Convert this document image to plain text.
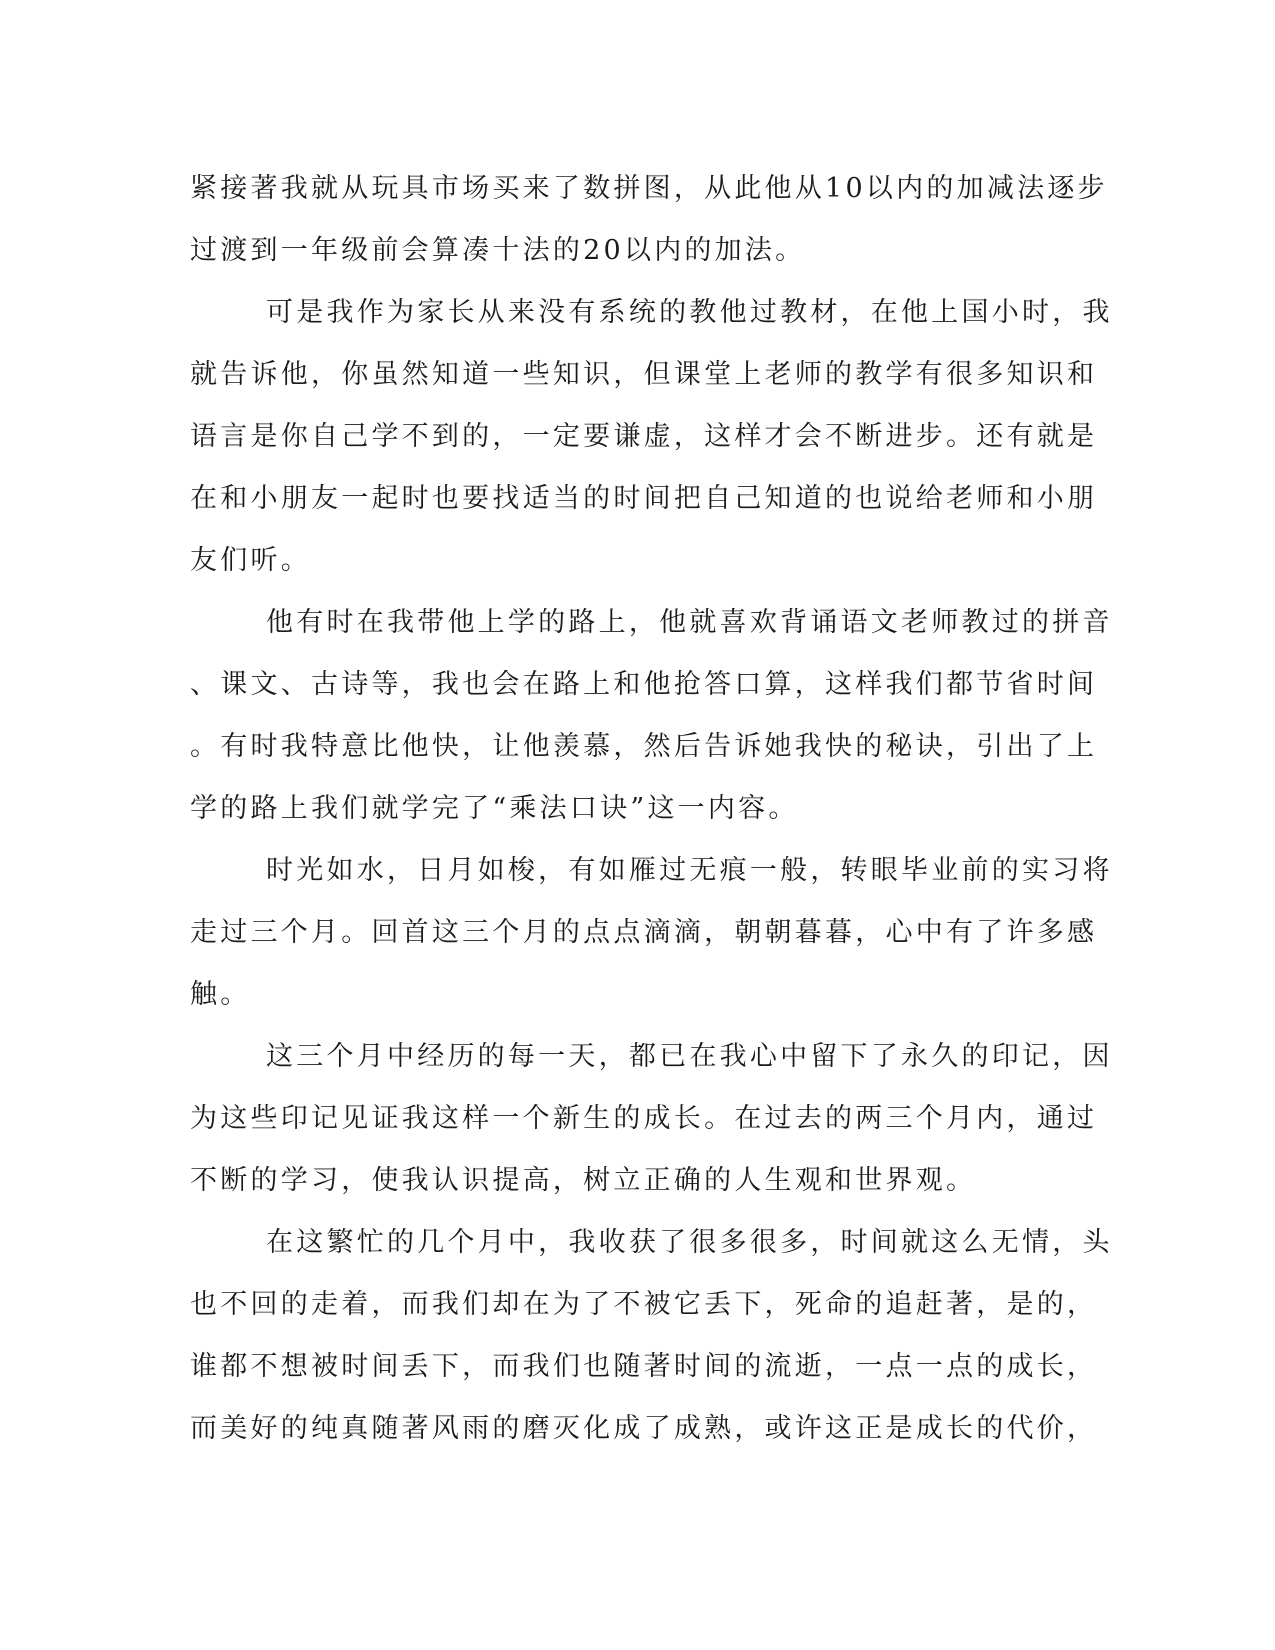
紧接著我就从玩具市场买来了数拼图，从此他从10以内的加减法逐步
过渡到一年级前会算凑十法的20以内的加法。
可是我作为家长从来没有系统的教他过教材，在他上国小时，我
就告诉他，你虽然知道一些知识，但课堂上老师的教学有很多知识和
语言是你自己学不到的，一定要谦虚，这样才会不断进步。还有就是
在和小朋友一起时也要找适当的时间把自己知道的也说给老师和小朋
友们听。
他有时在我带他上学的路上，他就喜欢背诵语文老师教过的拼音
、课文、古诗等，我也会在路上和他抢答口算，这样我们都节省时间
。有时我特意比他快，让他羡慕，然后告诉她我快的秘诀，引出了上
学的路上我们就学完了“乘法口诀”这一内容。
时光如水，日月如梭，有如雁过无痕一般，转眼毕业前的实习将
走过三个月。回首这三个月的点点滴滴，朝朝暮暮，心中有了许多感
触。
这三个月中经历的每一天，都已在我心中留下了永久的印记，因
为这些印记见证我这样一个新生的成长。在过去的两三个月内，通过
不断的学习，使我认识提高，树立正确的人生观和世界观。
在这繁忙的几个月中，我收获了很多很多，时间就这么无情，头
也不回的走着，而我们却在为了不被它丢下，死命的追赶著，是的，
谁都不想被时间丢下，而我们也随著时间的流逝，一点一点的成长，
而美好的纯真随著风雨的磨灭化成了成熟，或许这正是成长的代价，
